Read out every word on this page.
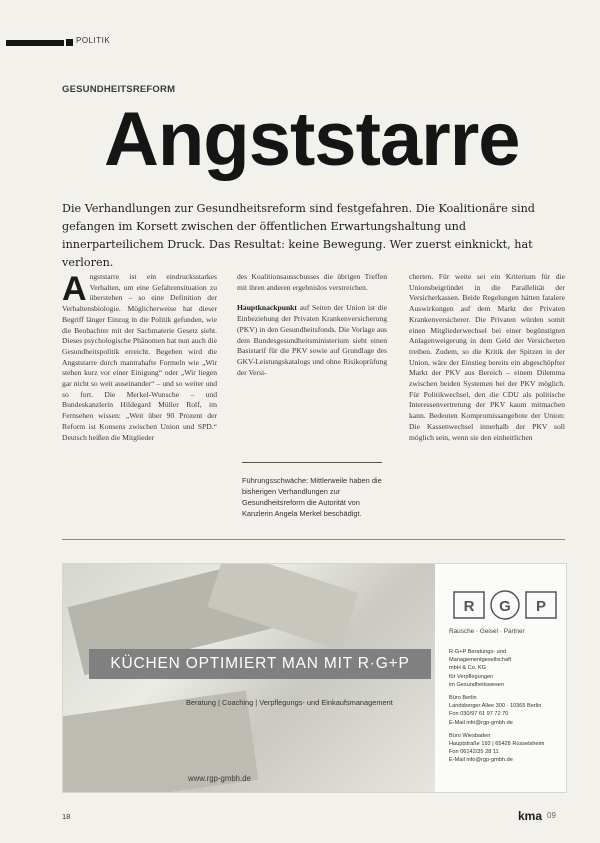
POLITIK
GESUNDHEITSREFORM
Angststarre
Die Verhandlungen zur Gesundheitsreform sind festgefahren. Die Koalitionäre sind gefangen im Korsett zwischen der öffentlichen Erwartungshaltung und innerparteilichem Druck. Das Resultat: keine Bewegung. Wer zuerst einknickt, hat verloren.
A ngststarre ist ein eindrucksstarkes Verhalten, um eine Gefahrensituation zu überstehen – so eine Definition der Verhaltensbiologie. Möglicherweise hat dieser Begriff länger Einzug in die Politik gefunden, wie die Beobachter mit der Sachmaterie Gesetz sieht. Dieses psychologische Phänomen hat nun auch die Gesundheitspolitik erreicht. Begeben wird die Angststarre durch mantrahafte Formeln wie „Wir stehen kurz vor einer Einigung“ oder „Wir liegen gar nicht so weit auseinander“ – und so weiter und so fort. Die Merkel-Wunsche – und Bundeskanzlerin Hildegard Müller Rolf, im Fernsehen wissen: „Weit über 90 Prozent der Reform ist Konsens zwischen Union und SPD.“ Deutsch heißen die Mitglieder

des Koalitionsausschusses die übrigen Treffen mit ihren anderen ergebnislos verstreichen.

Hauptknackpunkt auf Seiten der Union ist die Einbeziehung der Privaten Krankenversicherung (PKV) in den Gesundheitsfonds. Die Vorlage aus dem Bundesgesundheitsministerium sieht einen Basistarif für die PKV sowie auf Grundlage des GKV-Leistungskatalogs und ohne Risikoprüfung der Versi-

Führungsschwäche: Mittlerweile haben die bisherigen Verhandlungen zur Gesundheitsreform die Autorität von Kanzlerin Angela Merkel beschädigt.
cherten. Für weite sei ein Kriterium für die Unionsbeigründet in die Parallelität der Versicherkassen. Beide Regelungen hätten fatalere Auswirkungen auf dem Markt der Privaten Krankenversicherer. Die Privaten würden somit einen Mitgliederwechsel bei einer begünstigten Anlagenweigerung in dem Geld der Versicherten treiben. Zudem, so die Kritik der Spitzen in der Union, wäre der Einstieg bereits ein abgeschöpfter Markt der PKV aus Bereich – einem Dilemma zwischen beiden Systemen bei der PKV möglich. Für Politikwechsel, den die CDU als politische Interessenvertretung der PKV kaum mitmachen kann. Bedeuten Kompromissangebote der Union: Die Kassenwechsel innerhalb der PKV soll möglich sein, wenn sie den einheitlichen
KÜCHEN OPTIMIERT MAN MIT R·G+P
Beratung | Coaching | Verpflegungs- und Einkaufsmanagement
www.rgp-gmbh.de
R G P
Rausche · Geisel · Partner
R·G+P Beratungs- und
Managementgesellschaft
mbH & Co. KG
für Verpflegungen
im Gesundheitswesen
Büro Berlin
Landsberger Allee 300 · 10365 Berlin
Fon 030/97 61 97 72 70
E-Mail info@rgp-gmbh.de
Büro Wiesbaden
Hauptstraße 193 | 65428 Rüsselsheim
Fon 06142/35 28 11
E-Mail info@rgp-gmbh.de
18	kma 09
